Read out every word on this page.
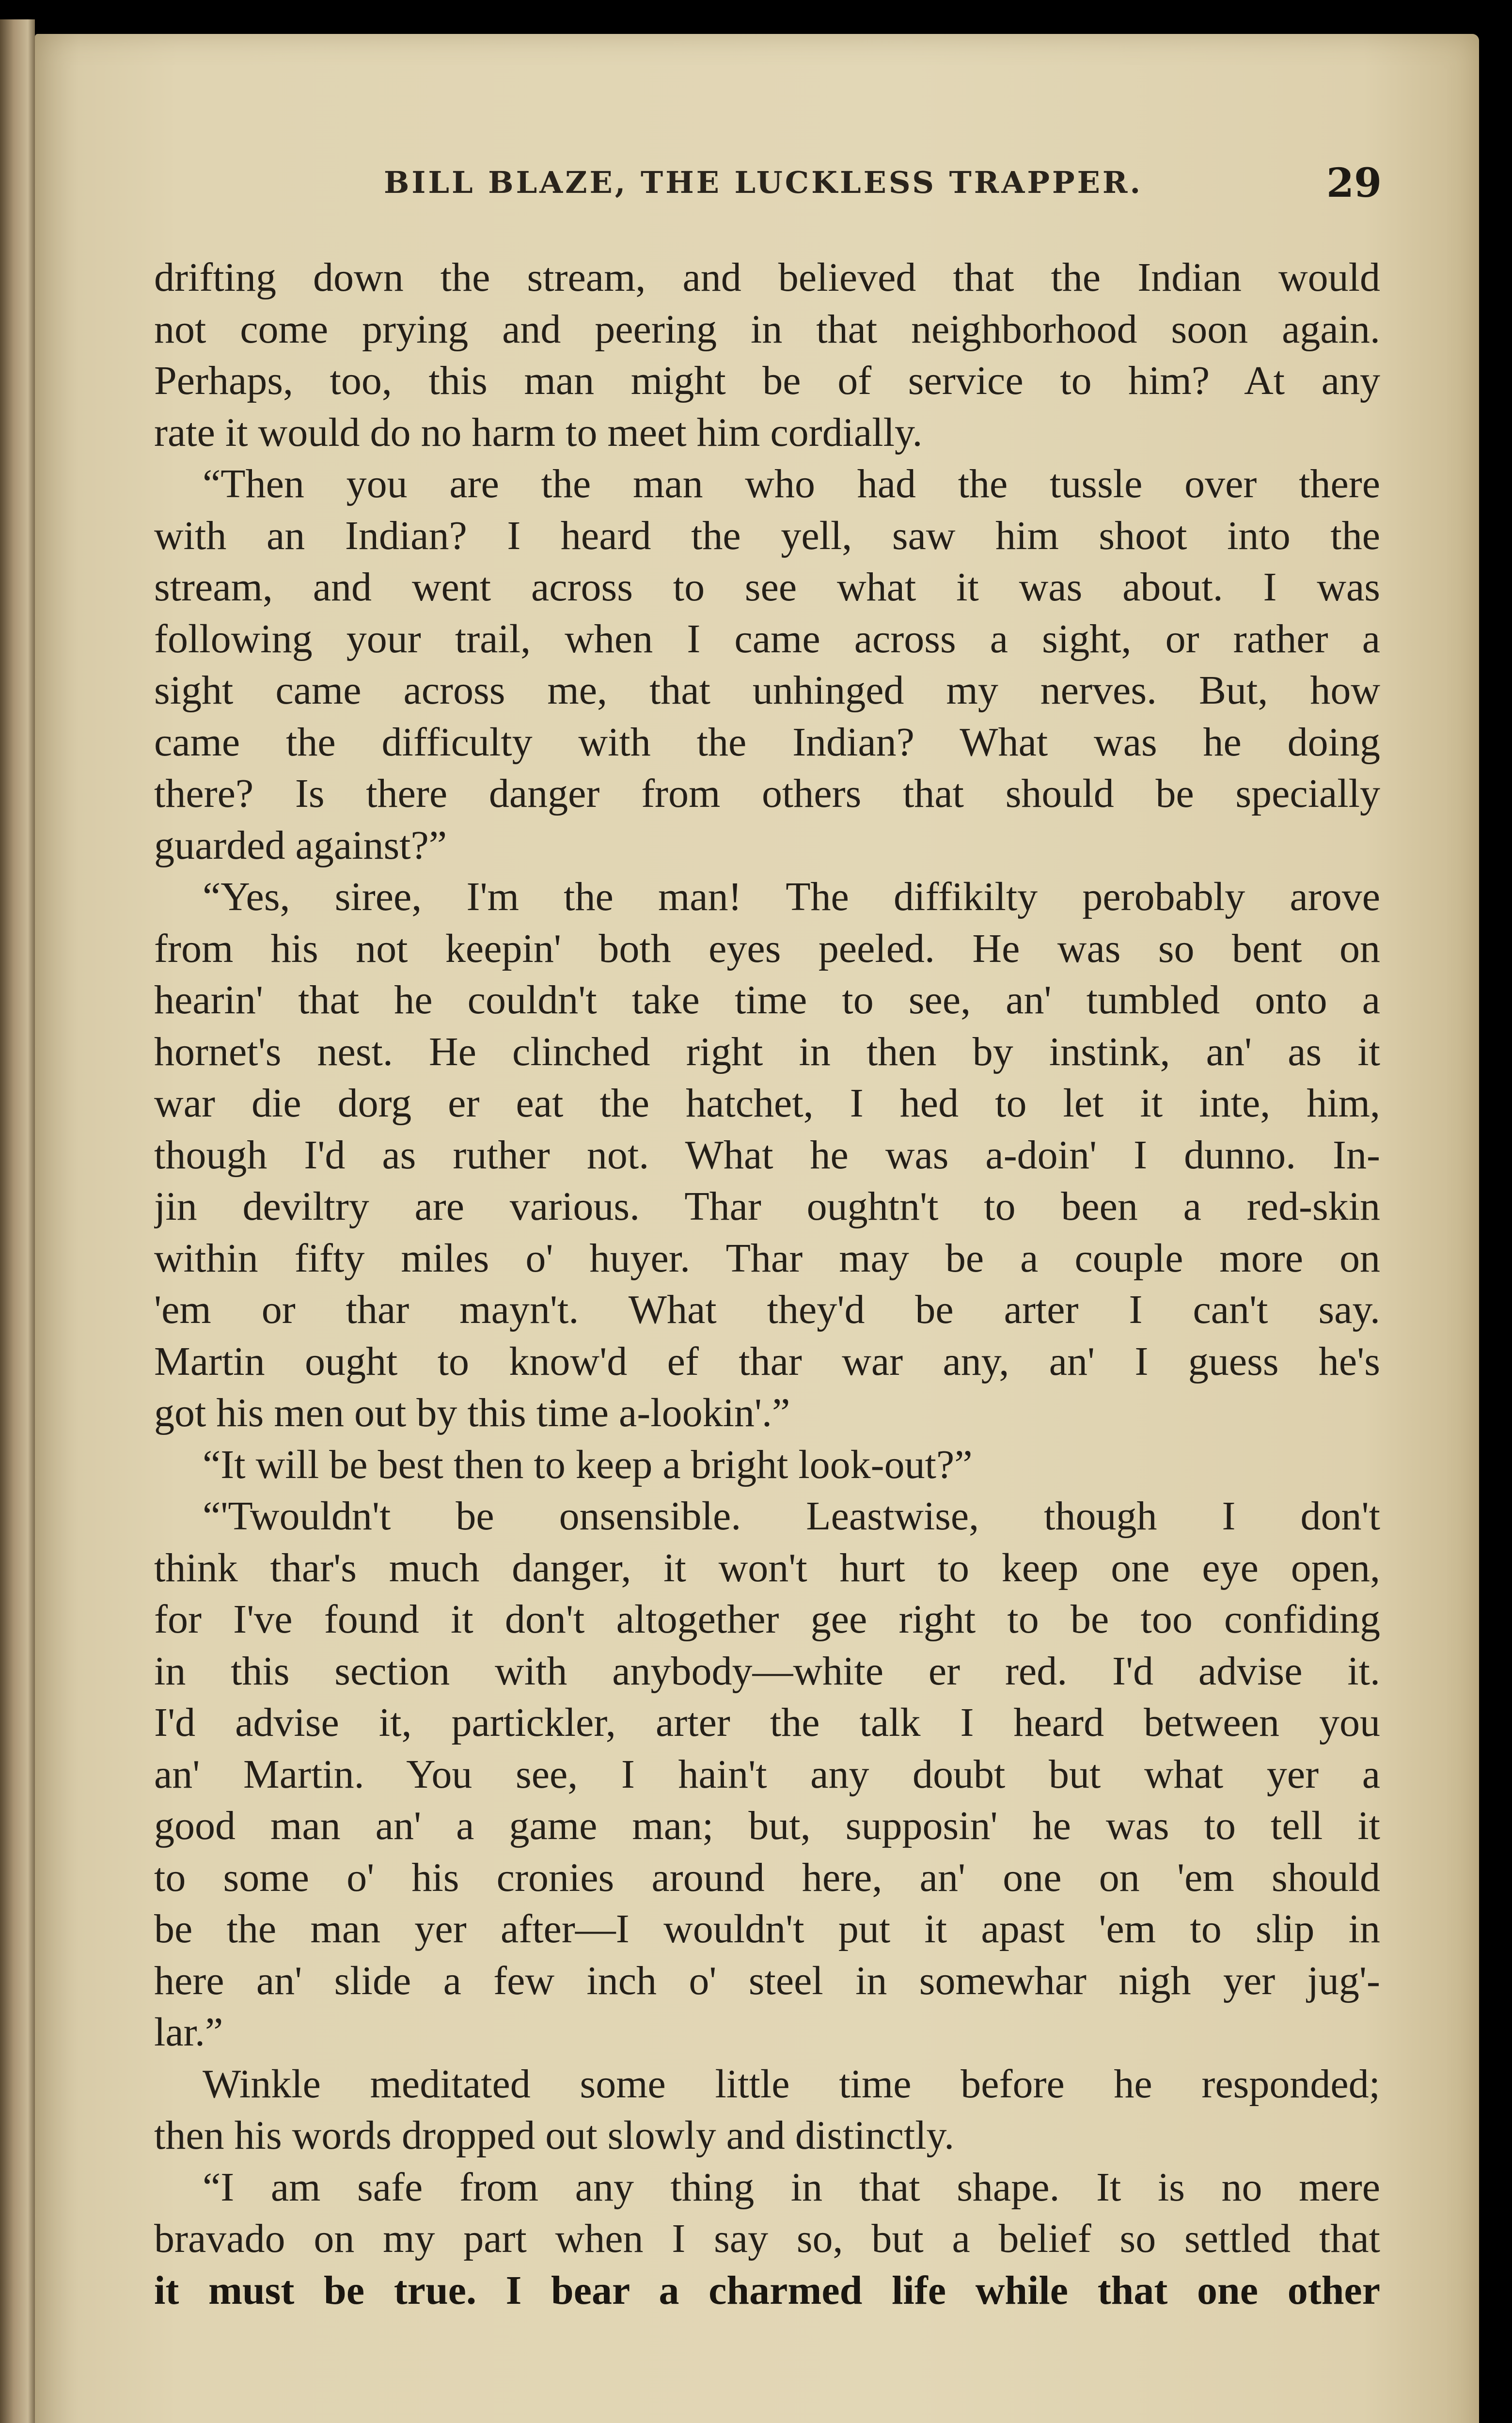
BILL BLAZE, THE LUCKLESS TRAPPER.	29
drifting down the stream, and believed that the Indian would
not come prying and peering in that neighborhood soon again.
Perhaps, too, this man might be of service to him? At any
rate it would do no harm to meet him cordially.
“Then you are the man who had the tussle over there
with an Indian? I heard the yell, saw him shoot into the
stream, and went across to see what it was about. I was
following your trail, when I came across a sight, or rather a
sight came across me, that unhinged my nerves. But, how
came the difficulty with the Indian? What was he doing
there? Is there danger from others that should be specially
guarded against?”
“Yes, siree, I'm the man! The diffikilty perobably arove
from his not keepin' both eyes peeled. He was so bent on
hearin' that he couldn't take time to see, an' tumbled onto a
hornet's nest. He clinched right in then by instink, an' as it
war die dorg er eat the hatchet, I hed to let it inte, him,
though I'd as ruther not. What he was a-doin' I dunno. In-
jin deviltry are various. Thar oughtn't to been a red-skin
within fifty miles o' huyer. Thar may be a couple more on
'em or thar mayn't. What they'd be arter I can't say.
Martin ought to know'd ef thar war any, an' I guess he's
got his men out by this time a-lookin'.”
“It will be best then to keep a bright look-out?”
“'Twouldn't be onsensible. Leastwise, though I don't
think thar's much danger, it won't hurt to keep one eye open,
for I've found it don't altogether gee right to be too confiding
in this section with anybody—white er red. I'd advise it.
I'd advise it, partickler, arter the talk I heard between you
an' Martin. You see, I hain't any doubt but what yer a
good man an' a game man; but, supposin' he was to tell it
to some o' his cronies around here, an' one on 'em should
be the man yer after—I wouldn't put it apast 'em to slip in
here an' slide a few inch o' steel in somewhar nigh yer jug'-
lar.”
Winkle meditated some little time before he responded;
then his words dropped out slowly and distinctly.
“I am safe from any thing in that shape. It is no mere
bravado on my part when I say so, but a belief so settled that
it must be true. I bear a charmed life while that one other
